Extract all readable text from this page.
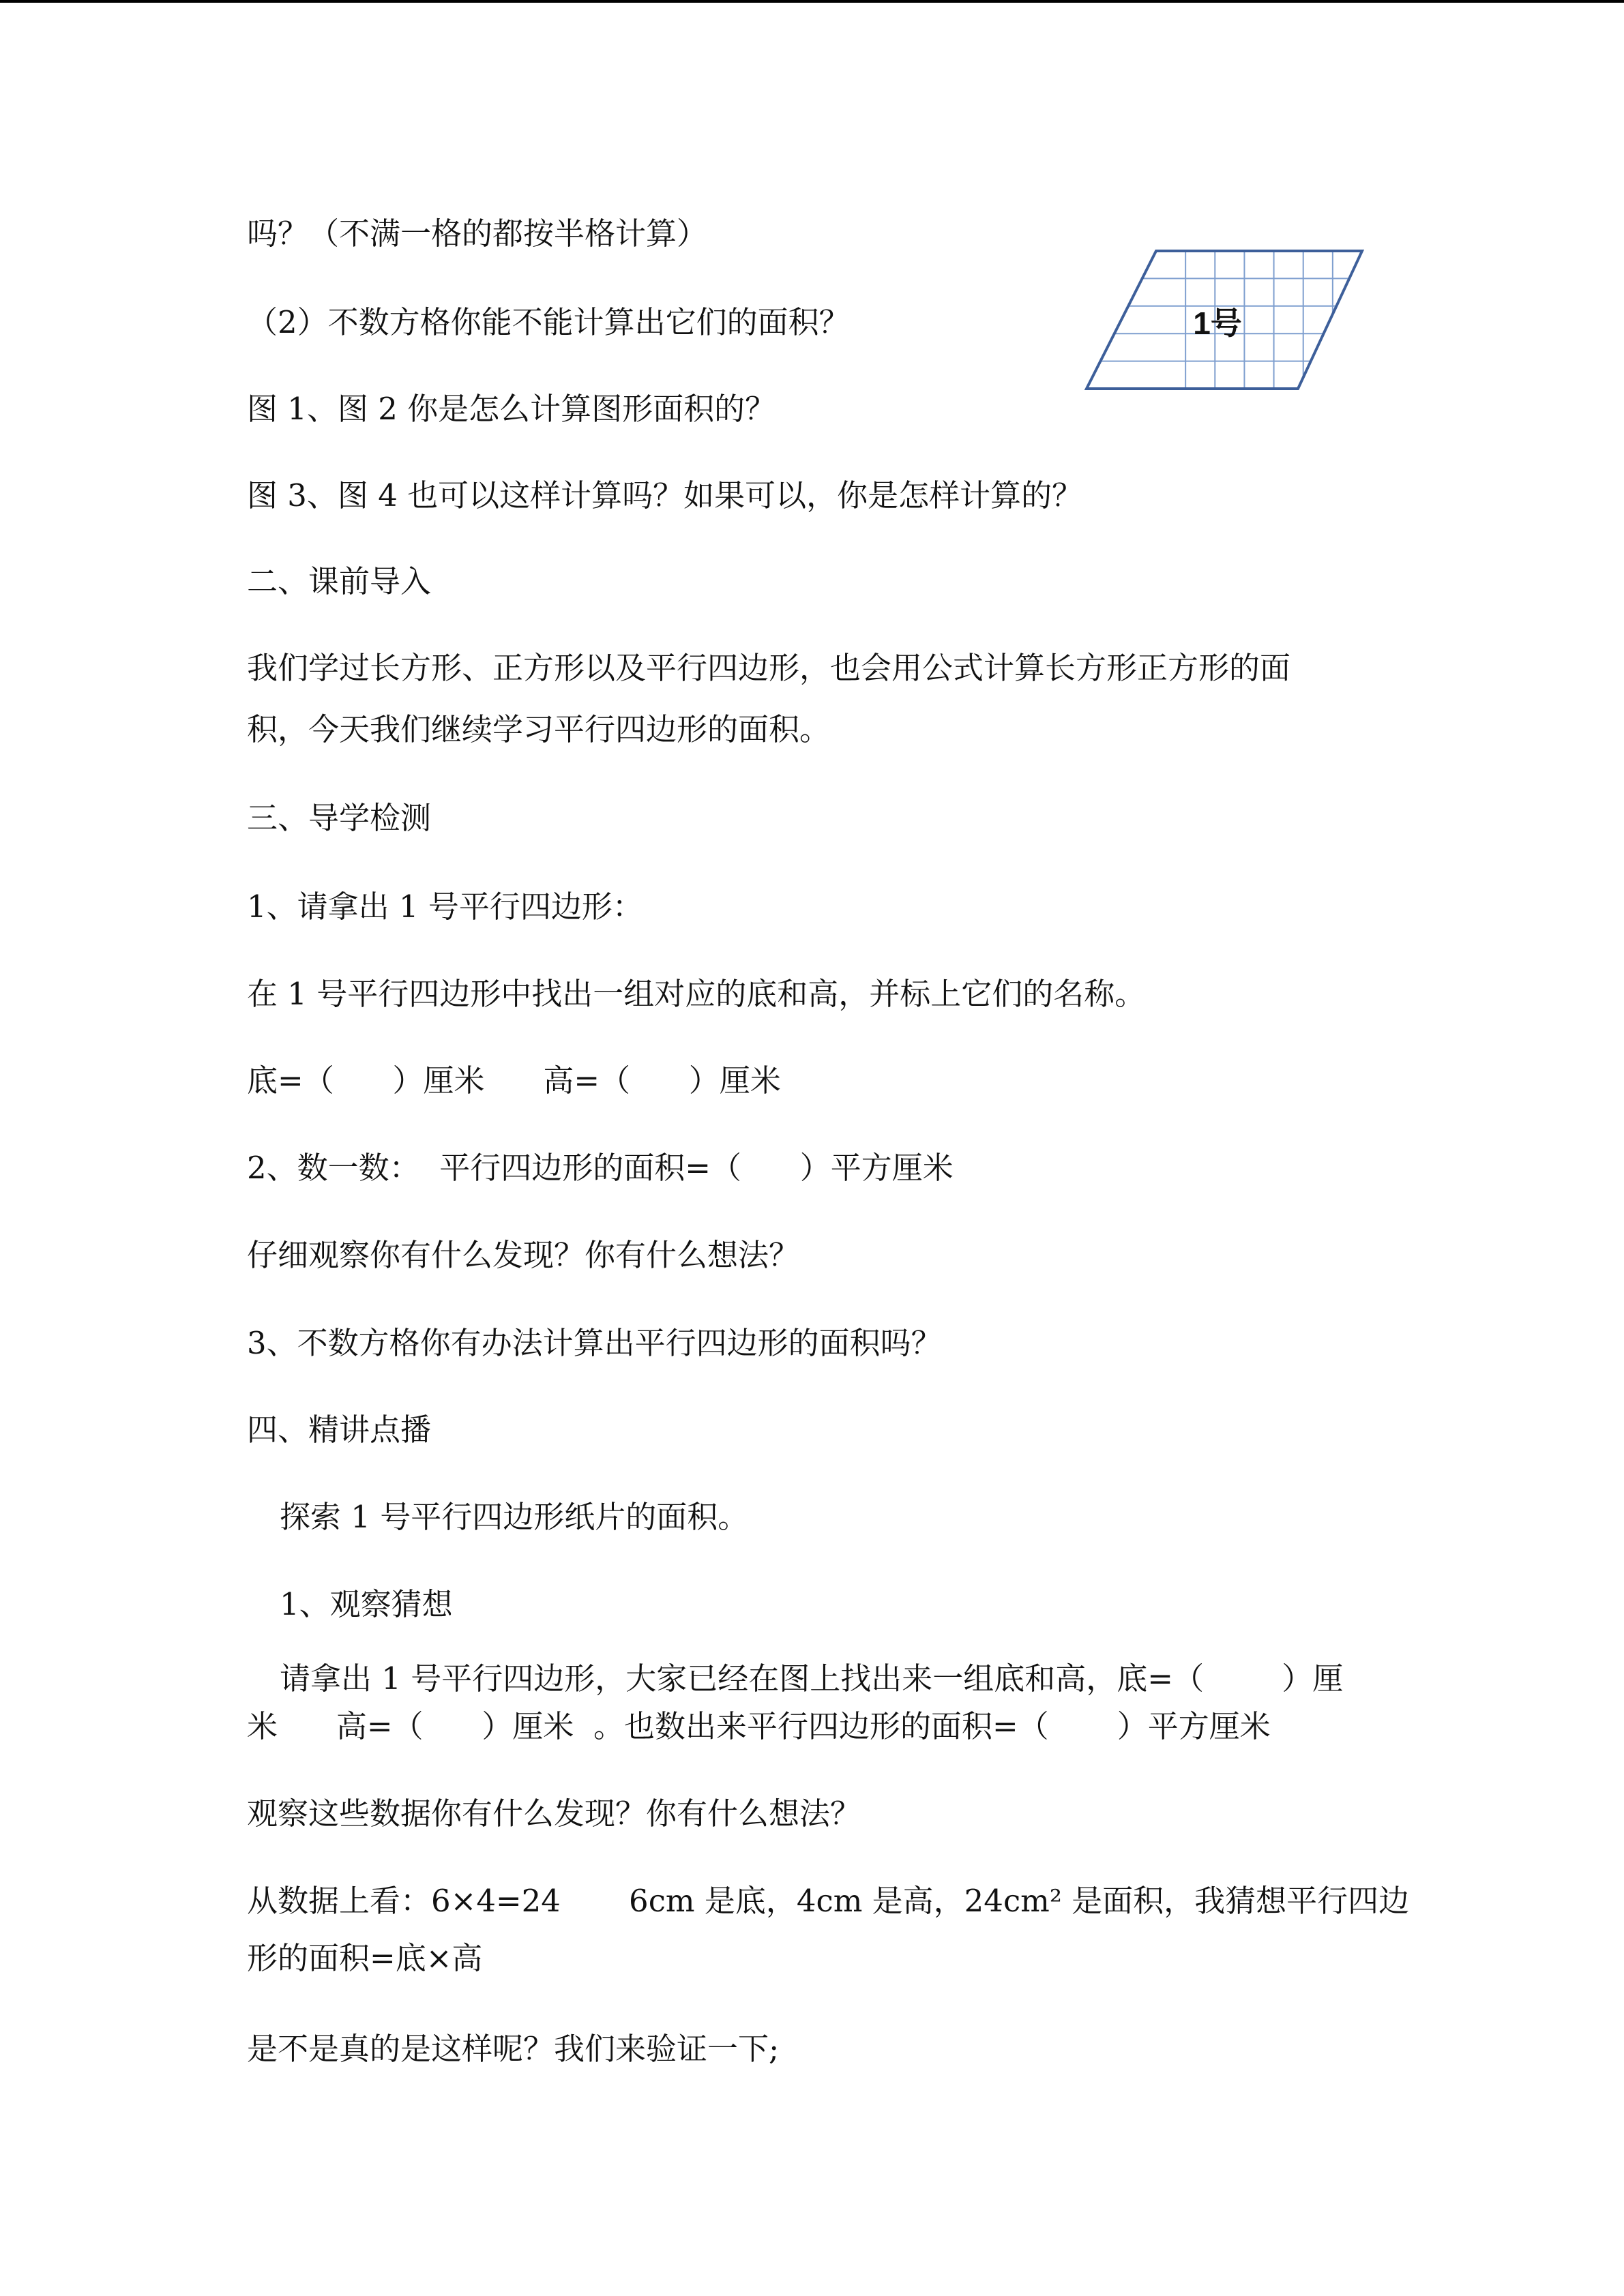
吗？（不满一格的都按半格计算）
（2）不数方格你能不能计算出它们的面积？
图 1、图 2 你是怎么计算图形面积的？
图 3、图 4 也可以这样计算吗？如果可以，你是怎样计算的？
二、课前导入
我们学过长方形、正方形以及平行四边形，也会用公式计算长方形正方形的面
积，今天我们继续学习平行四边形的面积。
三、导学检测
1、请拿出 1 号平行四边形：
在 1 号平行四边形中找出一组对应的底和高，并标上它们的名称。
底=（      ）厘米      高=（      ）厘米
2、数一数：  平行四边形的面积=（      ）平方厘米
仔细观察你有什么发现？你有什么想法？
3、不数方格你有办法计算出平行四边形的面积吗？
四、精讲点播
探索 1 号平行四边形纸片的面积。
1、观察猜想
请拿出 1 号平行四边形，大家已经在图上找出来一组底和高，底=（        ）厘
米      高=（      ）厘米  。也数出来平行四边形的面积=（       ）平方厘米
观察这些数据你有什么发现？你有什么想法？
从数据上看：6×4=24       6cm 是底，4cm 是高，24cm² 是面积，我猜想平行四边
形的面积=底×高
是不是真的是这样呢？我们来验证一下;
1号
